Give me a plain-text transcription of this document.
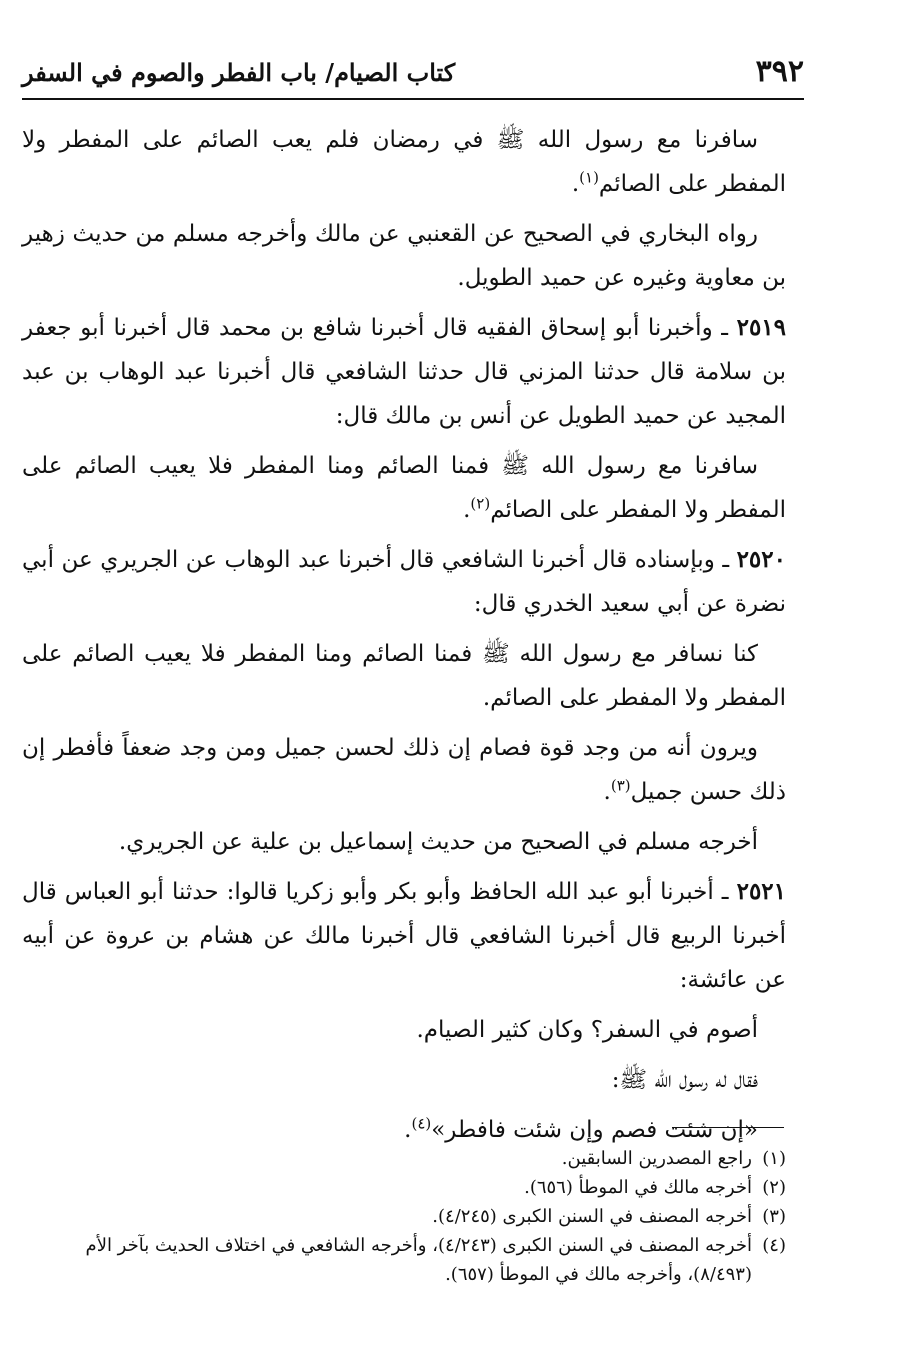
٣٩٢
كتاب الصيام/ باب الفطر والصوم في السفر

سافرنا مع رسول الله ﷺ في رمضان فلم يعب الصائم على المفطر ولا المفطر على الصائم$^{(١)}$.

رواه البخاري في الصحيح عن القعنبي عن مالك وأخرجه مسلم من حديث زهير بن معاوية وغيره عن حميد الطويل.

٢٥١٩ ـ وأخبرنا أبو إسحاق الفقيه قال أخبرنا شافع بن محمد قال أخبرنا أبو جعفر بن سلامة قال حدثنا المزني قال حدثنا الشافعي قال أخبرنا عبد الوهاب بن عبد المجيد عن حميد الطويل عن أنس بن مالك قال:

سافرنا مع رسول الله ﷺ فمنا الصائم ومنا المفطر فلا يعيب الصائم على المفطر ولا المفطر على الصائم$^{(٢)}$.

٢٥٢٠ ـ وبإسناده قال أخبرنا الشافعي قال أخبرنا عبد الوهاب عن الجريري عن أبي نضرة عن أبي سعيد الخدري قال:

كنا نسافر مع رسول الله ﷺ فمنا الصائم ومنا المفطر فلا يعيب الصائم على المفطر ولا المفطر على الصائم.

ويرون أنه من وجد قوة فصام إن ذلك لحسن جميل ومن وجد ضعفاً فأفطر إن ذلك حسن جميل$^{(٣)}$.

أخرجه مسلم في الصحيح من حديث إسماعيل بن علية عن الجريري.

٢٥٢١ ـ أخبرنا أبو عبد الله الحافظ وأبو بكر وأبو زكريا قالوا: حدثنا أبو العباس قال أخبرنا الربيع قال أخبرنا الشافعي قال أخبرنا مالك عن هشام بن عروة عن أبيه عن عائشة:

أصوم في السفر؟ وكان كثير الصيام.

فقال له رسول الله ﷺ:

«إن شئت فصم وإن شئت فافطر»$^{(٤)}$.

(١)
راجع المصدرين السابقين.

(٢)
أخرجه مالك في الموطأ (٦٥٦).

(٣)
أخرجه المصنف في السنن الكبرى (٤/٢٤٥).

(٤)
أخرجه المصنف في السنن الكبرى (٤/٢٤٣)، وأخرجه الشافعي في اختلاف الحديث بآخر الأم (٨/٤٩٣)، وأخرجه مالك في الموطأ (٦٥٧).
